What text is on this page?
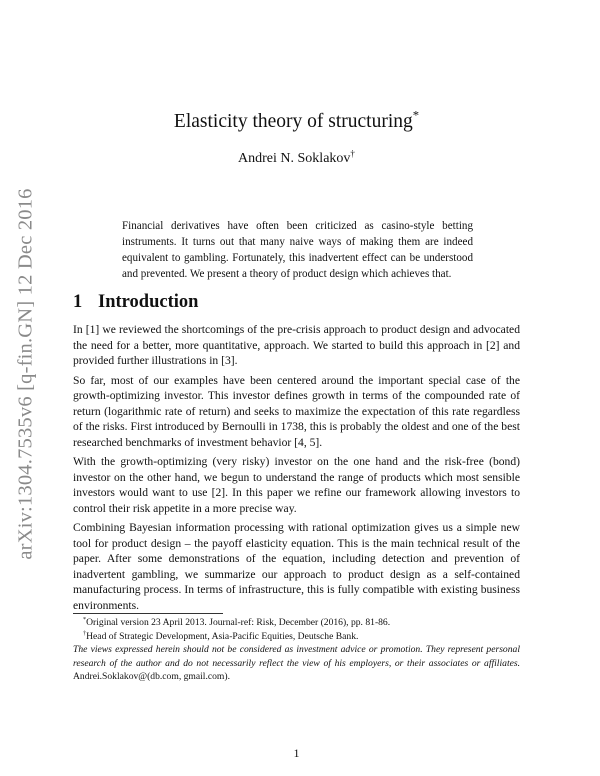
arXiv:1304.7535v6 [q-fin.GN] 12 Dec 2016
Elasticity theory of structuring*
Andrei N. Soklakov†
Financial derivatives have often been criticized as casino-style betting instruments. It turns out that many naive ways of making them are indeed equivalent to gambling. Fortunately, this inadvertent effect can be understood and prevented. We present a theory of product design which achieves that.
1 Introduction

In [1] we reviewed the shortcomings of the pre-crisis approach to product design and advocated the need for a better, more quantitative, approach. We started to build this approach in [2] and provided further illustrations in [3].

So far, most of our examples have been centered around the important special case of the growth-optimizing investor. This investor defines growth in terms of the compounded rate of return (logarithmic rate of return) and seeks to maximize the expectation of this rate regardless of the risks. First introduced by Bernoulli in 1738, this is probably the oldest and one of the best researched benchmarks of investment behavior [4, 5].

With the growth-optimizing (very risky) investor on the one hand and the risk-free (bond) investor on the other hand, we begun to understand the range of products which most sensible investors would want to use [2]. In this paper we refine our framework allowing investors to control their risk appetite in a more precise way.

Combining Bayesian information processing with rational optimization gives us a simple new tool for product design – the payoff elasticity equation. This is the main technical result of the paper. After some demonstrations of the equation, including detection and prevention of inadvertent gambling, we summarize our approach to product design as a self-contained manufacturing process. In terms of infrastructure, this is fully compatible with existing business environments.

*Original version 23 April 2013. Journal-ref: Risk, December (2016), pp. 81-86.
†Head of Strategic Development, Asia-Pacific Equities, Deutsche Bank.
The views expressed herein should not be considered as investment advice or promotion. They represent personal research of the author and do not necessarily reflect the view of his employers, or their associates or affiliates. Andrei.Soklakov@(db.com, gmail.com).
1
